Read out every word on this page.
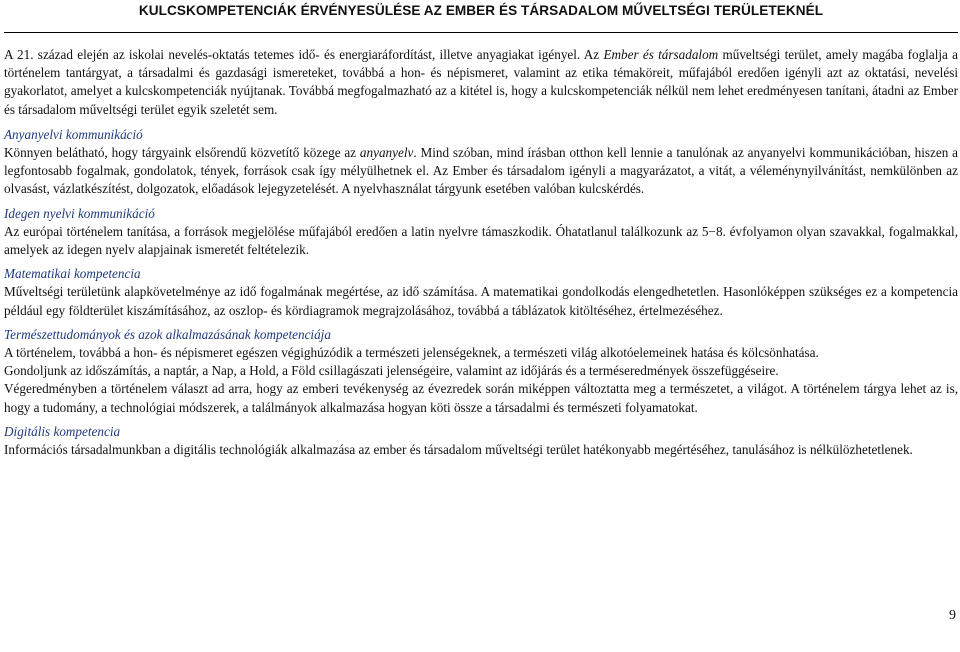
KULCSKOMPETENCIÁK ÉRVÉNYESÜLÉSE AZ EMBER ÉS TÁRSADALOM MŰVELTSÉGI TERÜLETEKNÉL

A 21. század elején az iskolai nevelés-oktatás tetemes idő- és energiaráfordítást, illetve anyagiakat igényel. Az Ember és társadalom műveltségi terület, amely magába foglalja a történelem tantárgyat, a társadalmi és gazdasági ismereteket, továbbá a hon- és népismeret, valamint az etika témaköreit, műfajából eredően igényli azt az oktatási, nevelési gyakorlatot, amelyet a kulcskompetenciák nyújtanak. Továbbá megfogalmazható az a kitétel is, hogy a kulcskompetenciák nélkül nem lehet eredményesen tanítani, átadni az Ember és társadalom műveltségi terület egyik szeletét sem.

Anyanyelvi kommunikáció

Könnyen belátható, hogy tárgyaink elsőrendű közvetítő közege az anyanyelv. Mind szóban, mind írásban otthon kell lennie a tanulónak az anyanyelvi kommunikációban, hiszen a legfontosabb fogalmak, gondolatok, tények, források csak így mélyülhetnek el. Az Ember és társadalom igényli a magyarázatot, a vitát, a véleménynyilvánítást, nemkülönben az olvasást, vázlatkészítést, dolgozatok, előadások lejegyzetelését. A nyelvhasználat tárgyunk esetében valóban kulcskérdés.

Idegen nyelvi kommunikáció

Az európai történelem tanítása, a források megjelölése műfajából eredően a latin nyelvre támaszkodik. Óhatatlanul találkozunk az 5−8. évfolyamon olyan szavakkal, fogalmakkal, amelyek az idegen nyelv alapjainak ismeretét feltételezik.

Matematikai kompetencia

Műveltségi területünk alapkövetelménye az idő fogalmának megértése, az idő számítása. A matematikai gondolkodás elengedhetetlen. Hasonlóképpen szükséges ez a kompetencia például egy földterület kiszámításához, az oszlop- és kördiagramok megrajzolásához, továbbá a táblázatok kitöltéséhez, értelmezéséhez.

Természettudományok és azok alkalmazásának kompetenciája

A történelem, továbbá a hon- és népismeret egészen végighúzódik a természeti jelenségeknek, a természeti világ alkotóelemeinek hatása és kölcsönhatása.

Gondoljunk az időszámítás, a naptár, a Nap, a Hold, a Föld csillagászati jelenségeire, valamint az időjárás és a terméseredmények összefüggéseire.

Végeredményben a történelem választ ad arra, hogy az emberi tevékenység az évezredek során miképpen változtatta meg a természetet, a világot. A történelem tárgya lehet az is, hogy a tudomány, a technológiai módszerek, a találmányok alkalmazása hogyan köti össze a társadalmi és természeti folyamatokat.

Digitális kompetencia

Információs társadalmunkban a digitális technológiák alkalmazása az ember és társadalom műveltségi terület hatékonyabb megértéséhez, tanulásához is nélkülözhetetlenek.

9
